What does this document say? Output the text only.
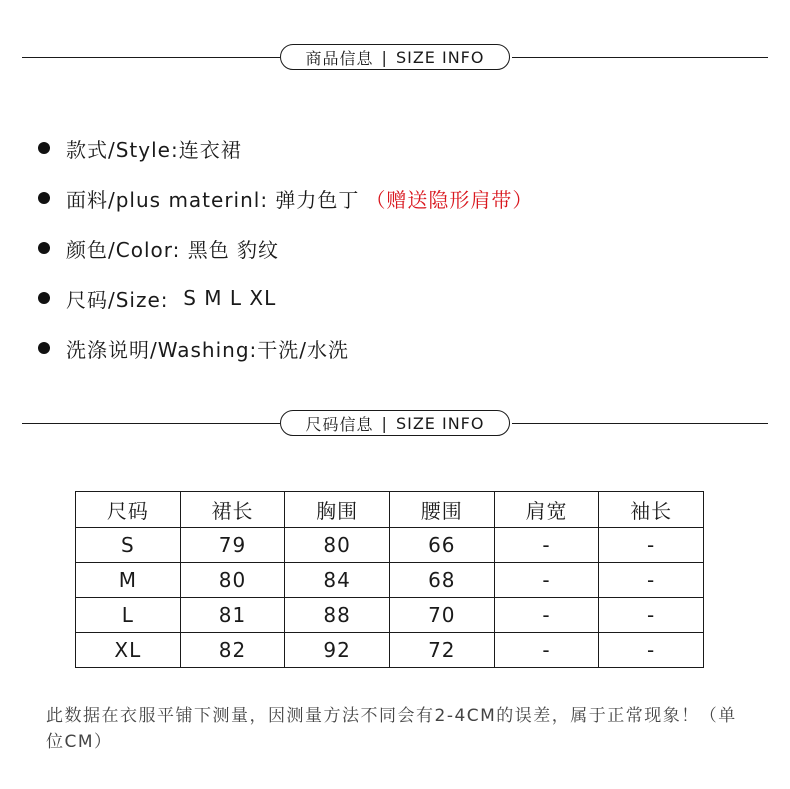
商品信息 | SIZE INFO
款式/Style: 连衣裙
面料/plus materinl: 弹力色丁 （赠送隐形肩带）
颜色/Color: 黑色 豹纹
尺码/Size: S M L XL
洗涤说明/Washing: 干洗/水洗
尺码信息 | SIZE INFO
尺码	裙长	胸围	腰围	肩宽	袖长
S	79	80	66	-	-
M	80	84	68	-	-
L	81	88	70	-	-
XL	82	92	72	-	-
此数据在衣服平铺下测量，因测量方法不同会有2-4CM的误差，属于正常现象！（单位CM）
